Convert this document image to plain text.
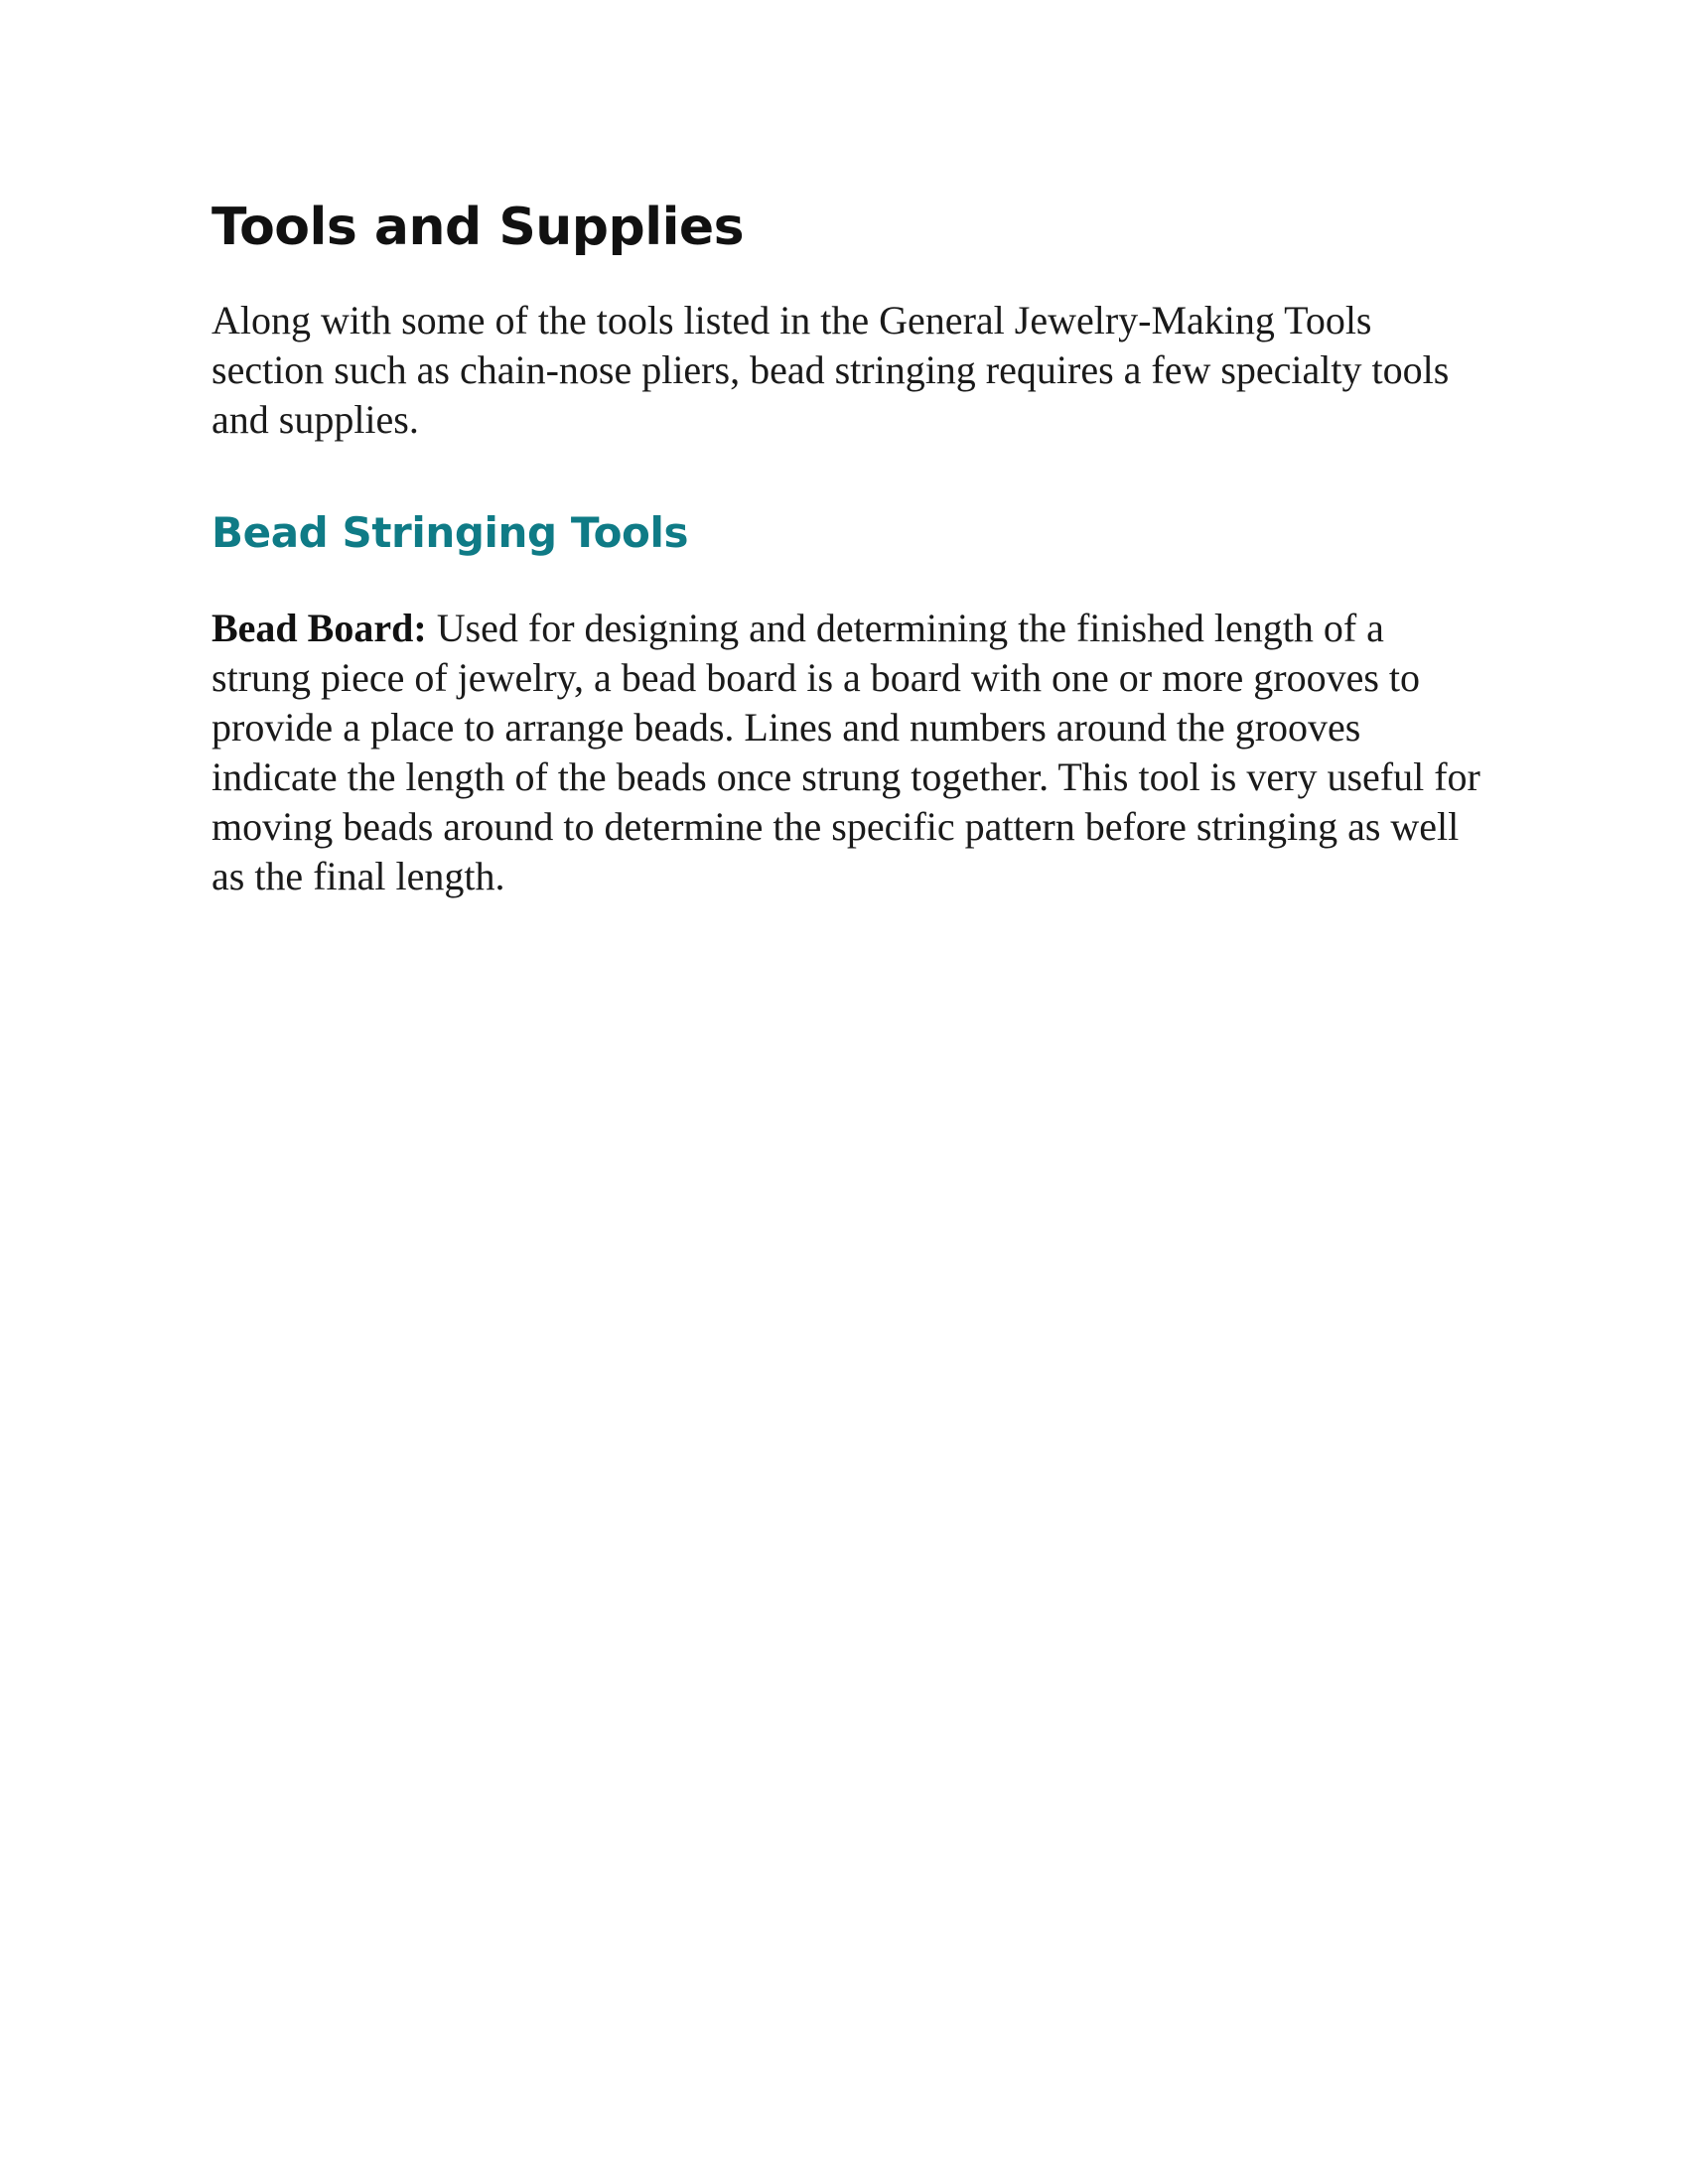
Tools and Supplies

Along with some of the tools listed in the General Jewelry-Making Tools section such as chain-nose pliers, bead stringing requires a few specialty tools and supplies.

Bead Stringing Tools

Bead Board: Used for designing and determining the finished length of a strung piece of jewelry, a bead board is a board with one or more grooves to provide a place to arrange beads. Lines and numbers around the grooves indicate the length of the beads once strung together. This tool is very useful for moving beads around to determine the specific pattern before stringing as well as the final length.
